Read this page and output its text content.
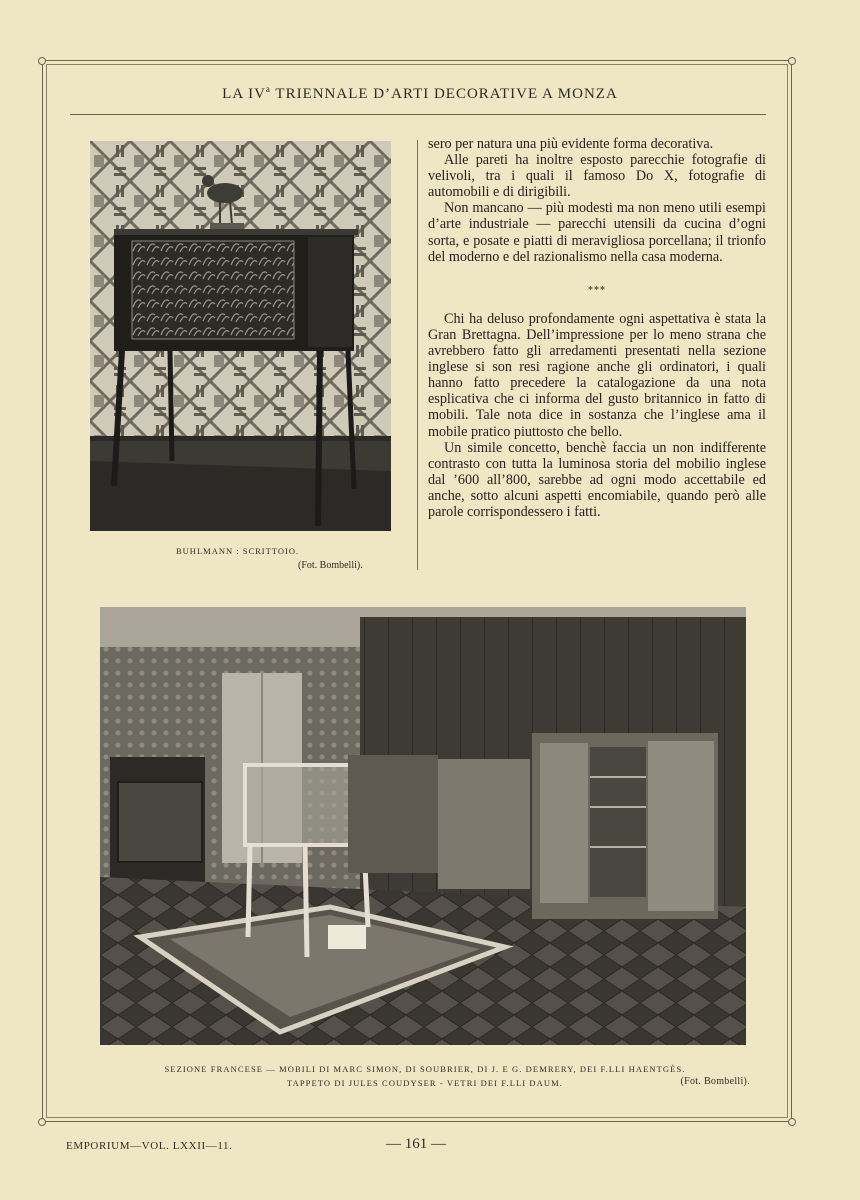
LA $IV^a$ TRIENNALE D’ARTI DECORATIVE A MONZA
BUHLMANN : SCRITTOIO.
(Fot. Bombelli).

sero per natura una più evidente forma decorativa.

Alle pareti ha inoltre esposto parecchie fotografie di velivoli, tra i quali il famoso Do X, fotografie di automobili e di dirigibili.

Non mancano — più modesti ma non meno utili esempi d’arte industriale — parecchi utensili da cucina d’ogni sorta, e posate e piatti di meravigliosa porcellana; il trionfo del moderno e del razionalismo nella casa moderna.

***

Chi ha deluso profondamente ogni aspettativa è stata la Gran Brettagna. Dell’impressione per lo meno strana che avrebbero fatto gli arredamenti presentati nella sezione inglese si son resi ragione anche gli ordinatori, i quali hanno fatto precedere la catalogazione da una nota esplicativa che ci informa del gusto britannico in fatto di mobili. Tale nota dice in sostanza che l’inglese ama il mobile pratico piuttosto che bello.

Un simile concetto, benchè faccia un non indifferente contrasto con tutta la luminosa storia del mobilio inglese dal ’600 all’800, sarebbe ad ogni modo accettabile ed anche, sotto alcuni aspetti encomiabile, quando però alle parole corrispondessero i fatti.

SEZIONE FRANCESE — MOBILI DI MARC SIMON, DI SOUBRIER, DI J. E G. DEMRERY, DEI F.LLI HAENTGÈS.
TAPPETO DI JULES COUDYSER - VETRI DEI F.LLI DAUM.	(Fot. Bombelli).
EMPORIUM—VOL. LXXII—11.	— 161 —
